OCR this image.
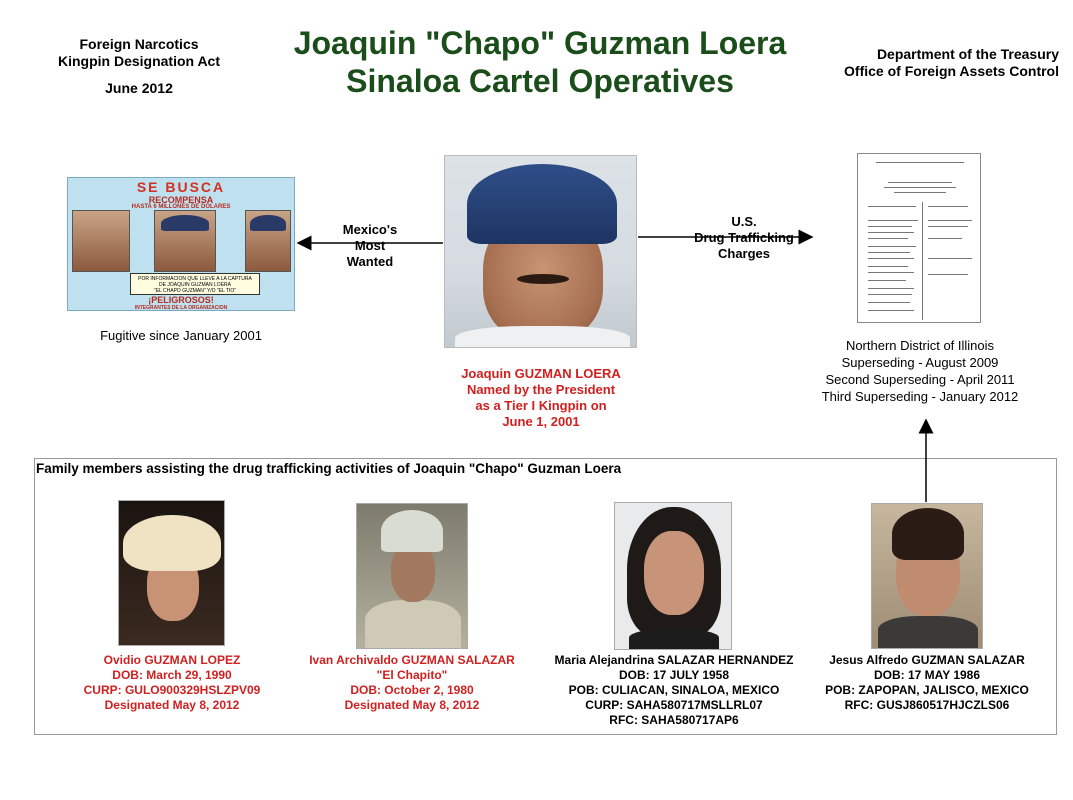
Foreign Narcotics
Kingpin Designation Act
June 2012
Joaquin "Chapo" Guzman Loera
Sinaloa Cartel Operatives
Department of the Treasury
Office of Foreign Assets Control
SE BUSCA
RECOMPENSA
HASTA 6 MILLONES DE DOLARES
POR INFORMACION QUE LLEVE A LA CAPTURA
DE JOAQUIN GUZMAN LOERA
"EL CHAPO GUZMAN" Y/O "EL TIO"
¡PELIGROSOS!
INTEGRANTES DE LA ORGANIZACION
Fugitive since January 2001
Mexico's
Most
Wanted
U.S.
Drug Trafficking
Charges
Joaquin GUZMAN LOERA
Named by the President
as a Tier I Kingpin on
June 1, 2001
Northern District of Illinois
Superseding - August 2009
Second Superseding - April 2011
Third Superseding - January 2012
Family members assisting the drug trafficking activities of Joaquin "Chapo" Guzman Loera
Ovidio GUZMAN LOPEZ
DOB: March 29, 1990
CURP: GULO900329HSLZPV09
Designated May 8, 2012
Ivan Archivaldo GUZMAN SALAZAR
"El Chapito"
DOB: October 2, 1980
Designated May 8, 2012
Maria Alejandrina SALAZAR HERNANDEZ
DOB: 17 JULY 1958
POB: CULIACAN, SINALOA, MEXICO
CURP: SAHA580717MSLLRL07
RFC: SAHA580717AP6
Jesus Alfredo GUZMAN SALAZAR
DOB: 17 MAY 1986
POB: ZAPOPAN, JALISCO, MEXICO
RFC: GUSJ860517HJCZLS06
